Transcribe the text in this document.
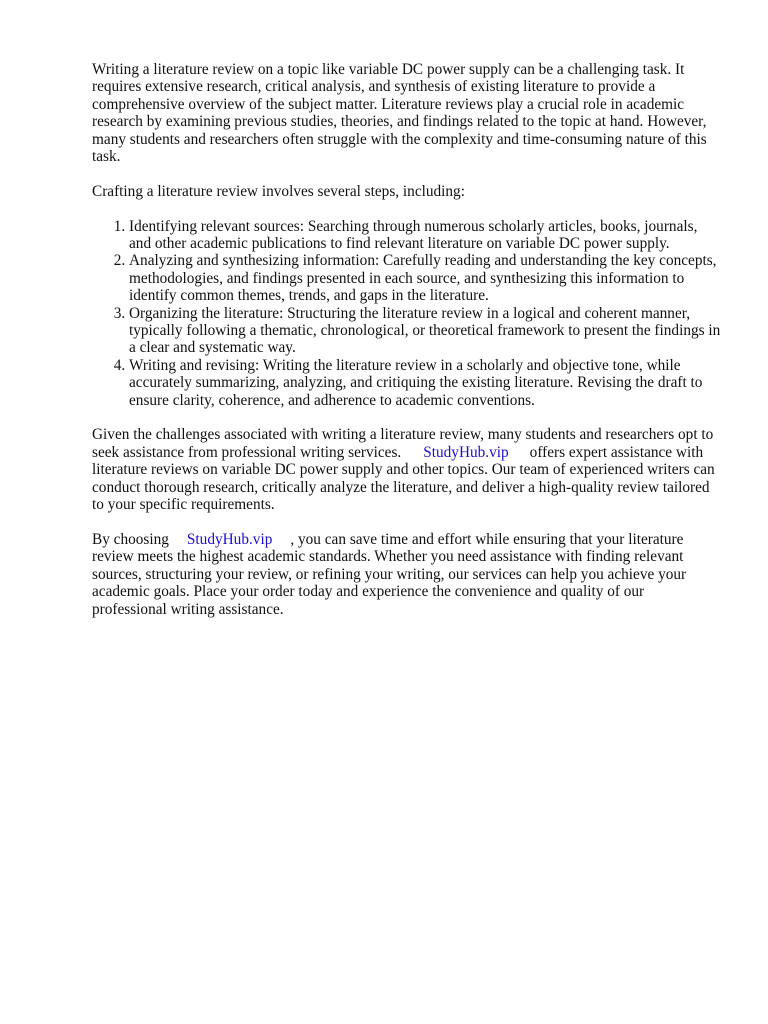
Writing a literature review on a topic like variable DC power supply can be a challenging task. It requires extensive research, critical analysis, and synthesis of existing literature to provide a comprehensive overview of the subject matter. Literature reviews play a crucial role in academic research by examining previous studies, theories, and findings related to the topic at hand. However, many students and researchers often struggle with the complexity and time-consuming nature of this task.

Crafting a literature review involves several steps, including:

1. Identifying relevant sources: Searching through numerous scholarly articles, books, journals, and other academic publications to find relevant literature on variable DC power supply.
2. Analyzing and synthesizing information: Carefully reading and understanding the key concepts, methodologies, and findings presented in each source, and synthesizing this information to identify common themes, trends, and gaps in the literature.
3. Organizing the literature: Structuring the literature review in a logical and coherent manner, typically following a thematic, chronological, or theoretical framework to present the findings in a clear and systematic way.
4. Writing and revising: Writing the literature review in a scholarly and objective tone, while accurately summarizing, analyzing, and critiquing the existing literature. Revising the draft to ensure clarity, coherence, and adherence to academic conventions.

Given the challenges associated with writing a literature review, many students and researchers opt to seek assistance from professional writing services. StudyHub.vip offers expert assistance with literature reviews on variable DC power supply and other topics. Our team of experienced writers can conduct thorough research, critically analyze the literature, and deliver a high-quality review tailored to your specific requirements.

By choosing StudyHub.vip , you can save time and effort while ensuring that your literature review meets the highest academic standards. Whether you need assistance with finding relevant sources, structuring your review, or refining your writing, our services can help you achieve your academic goals. Place your order today and experience the convenience and quality of our professional writing assistance.
